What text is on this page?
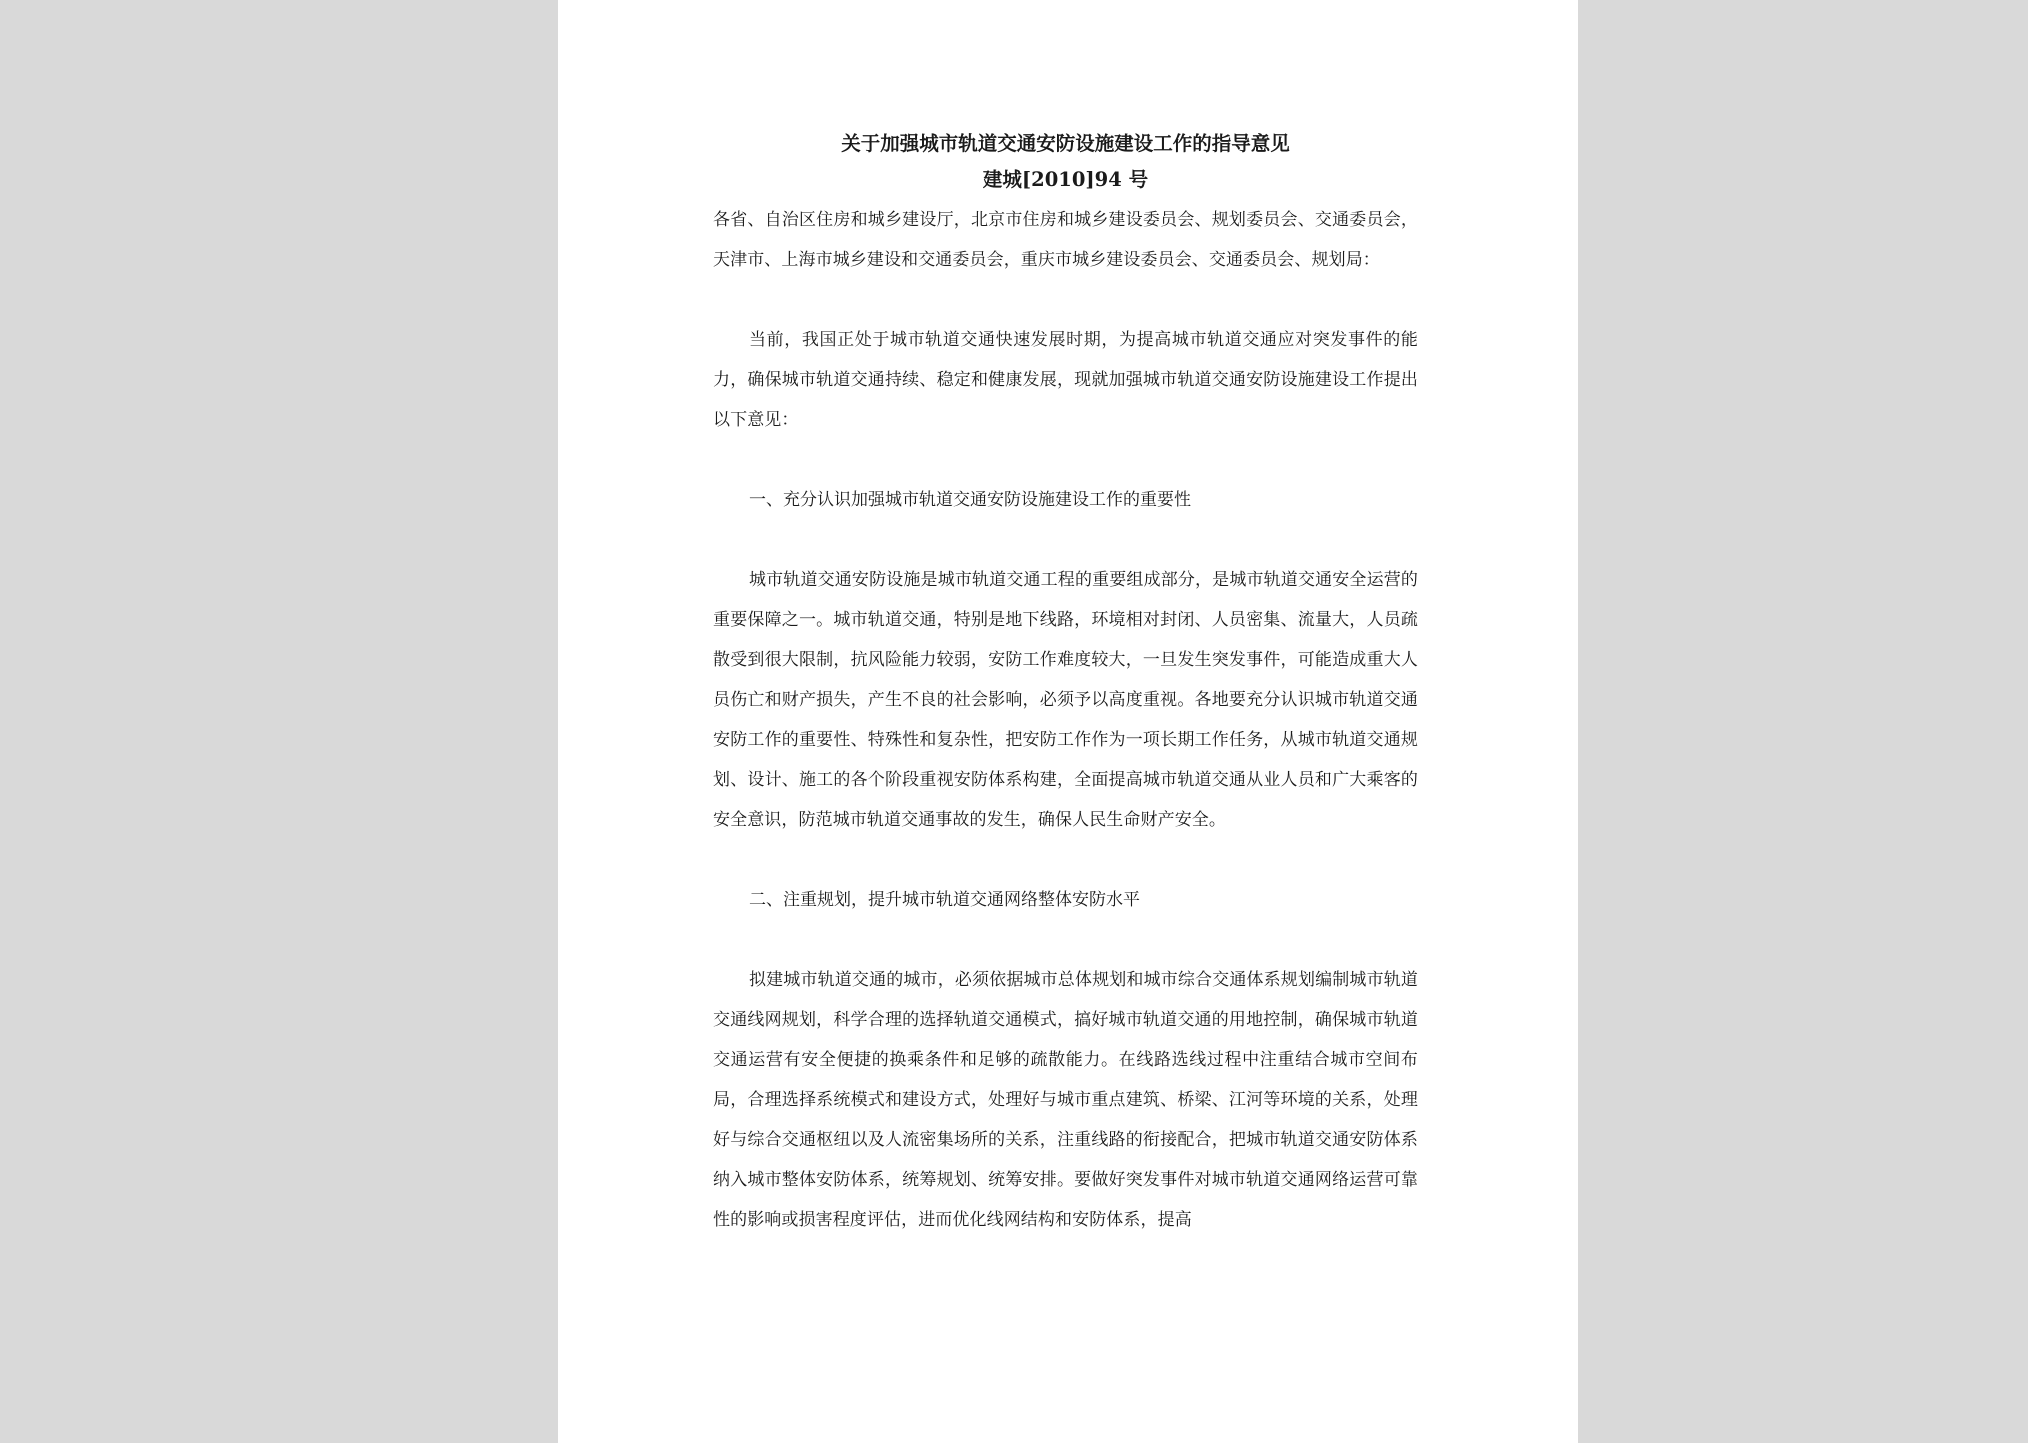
关于加强城市轨道交通安防设施建设工作的指导意见
建城[2010]94 号

各省、自治区住房和城乡建设厅，北京市住房和城乡建设委员会、规划委员会、交通委员会，天津市、上海市城乡建设和交通委员会，重庆市城乡建设委员会、交通委员会、规划局：

当前，我国正处于城市轨道交通快速发展时期，为提高城市轨道交通应对突发事件的能力，确保城市轨道交通持续、稳定和健康发展，现就加强城市轨道交通安防设施建设工作提出以下意见：

一、充分认识加强城市轨道交通安防设施建设工作的重要性

城市轨道交通安防设施是城市轨道交通工程的重要组成部分，是城市轨道交通安全运营的重要保障之一。城市轨道交通，特别是地下线路，环境相对封闭、人员密集、流量大，人员疏散受到很大限制，抗风险能力较弱，安防工作难度较大，一旦发生突发事件，可能造成重大人员伤亡和财产损失，产生不良的社会影响，必须予以高度重视。各地要充分认识城市轨道交通安防工作的重要性、特殊性和复杂性，把安防工作作为一项长期工作任务，从城市轨道交通规划、设计、施工的各个阶段重视安防体系构建，全面提高城市轨道交通从业人员和广大乘客的安全意识，防范城市轨道交通事故的发生，确保人民生命财产安全。

二、注重规划，提升城市轨道交通网络整体安防水平

拟建城市轨道交通的城市，必须依据城市总体规划和城市综合交通体系规划编制城市轨道交通线网规划，科学合理的选择轨道交通模式，搞好城市轨道交通的用地控制，确保城市轨道交通运营有安全便捷的换乘条件和足够的疏散能力。在线路选线过程中注重结合城市空间布局，合理选择系统模式和建设方式，处理好与城市重点建筑、桥梁、江河等环境的关系，处理好与综合交通枢纽以及人流密集场所的关系，注重线路的衔接配合，把城市轨道交通安防体系纳入城市整体安防体系，统筹规划、统筹安排。要做好突发事件对城市轨道交通网络运营可靠性的影响或损害程度评估，进而优化线网结构和安防体系，提高
